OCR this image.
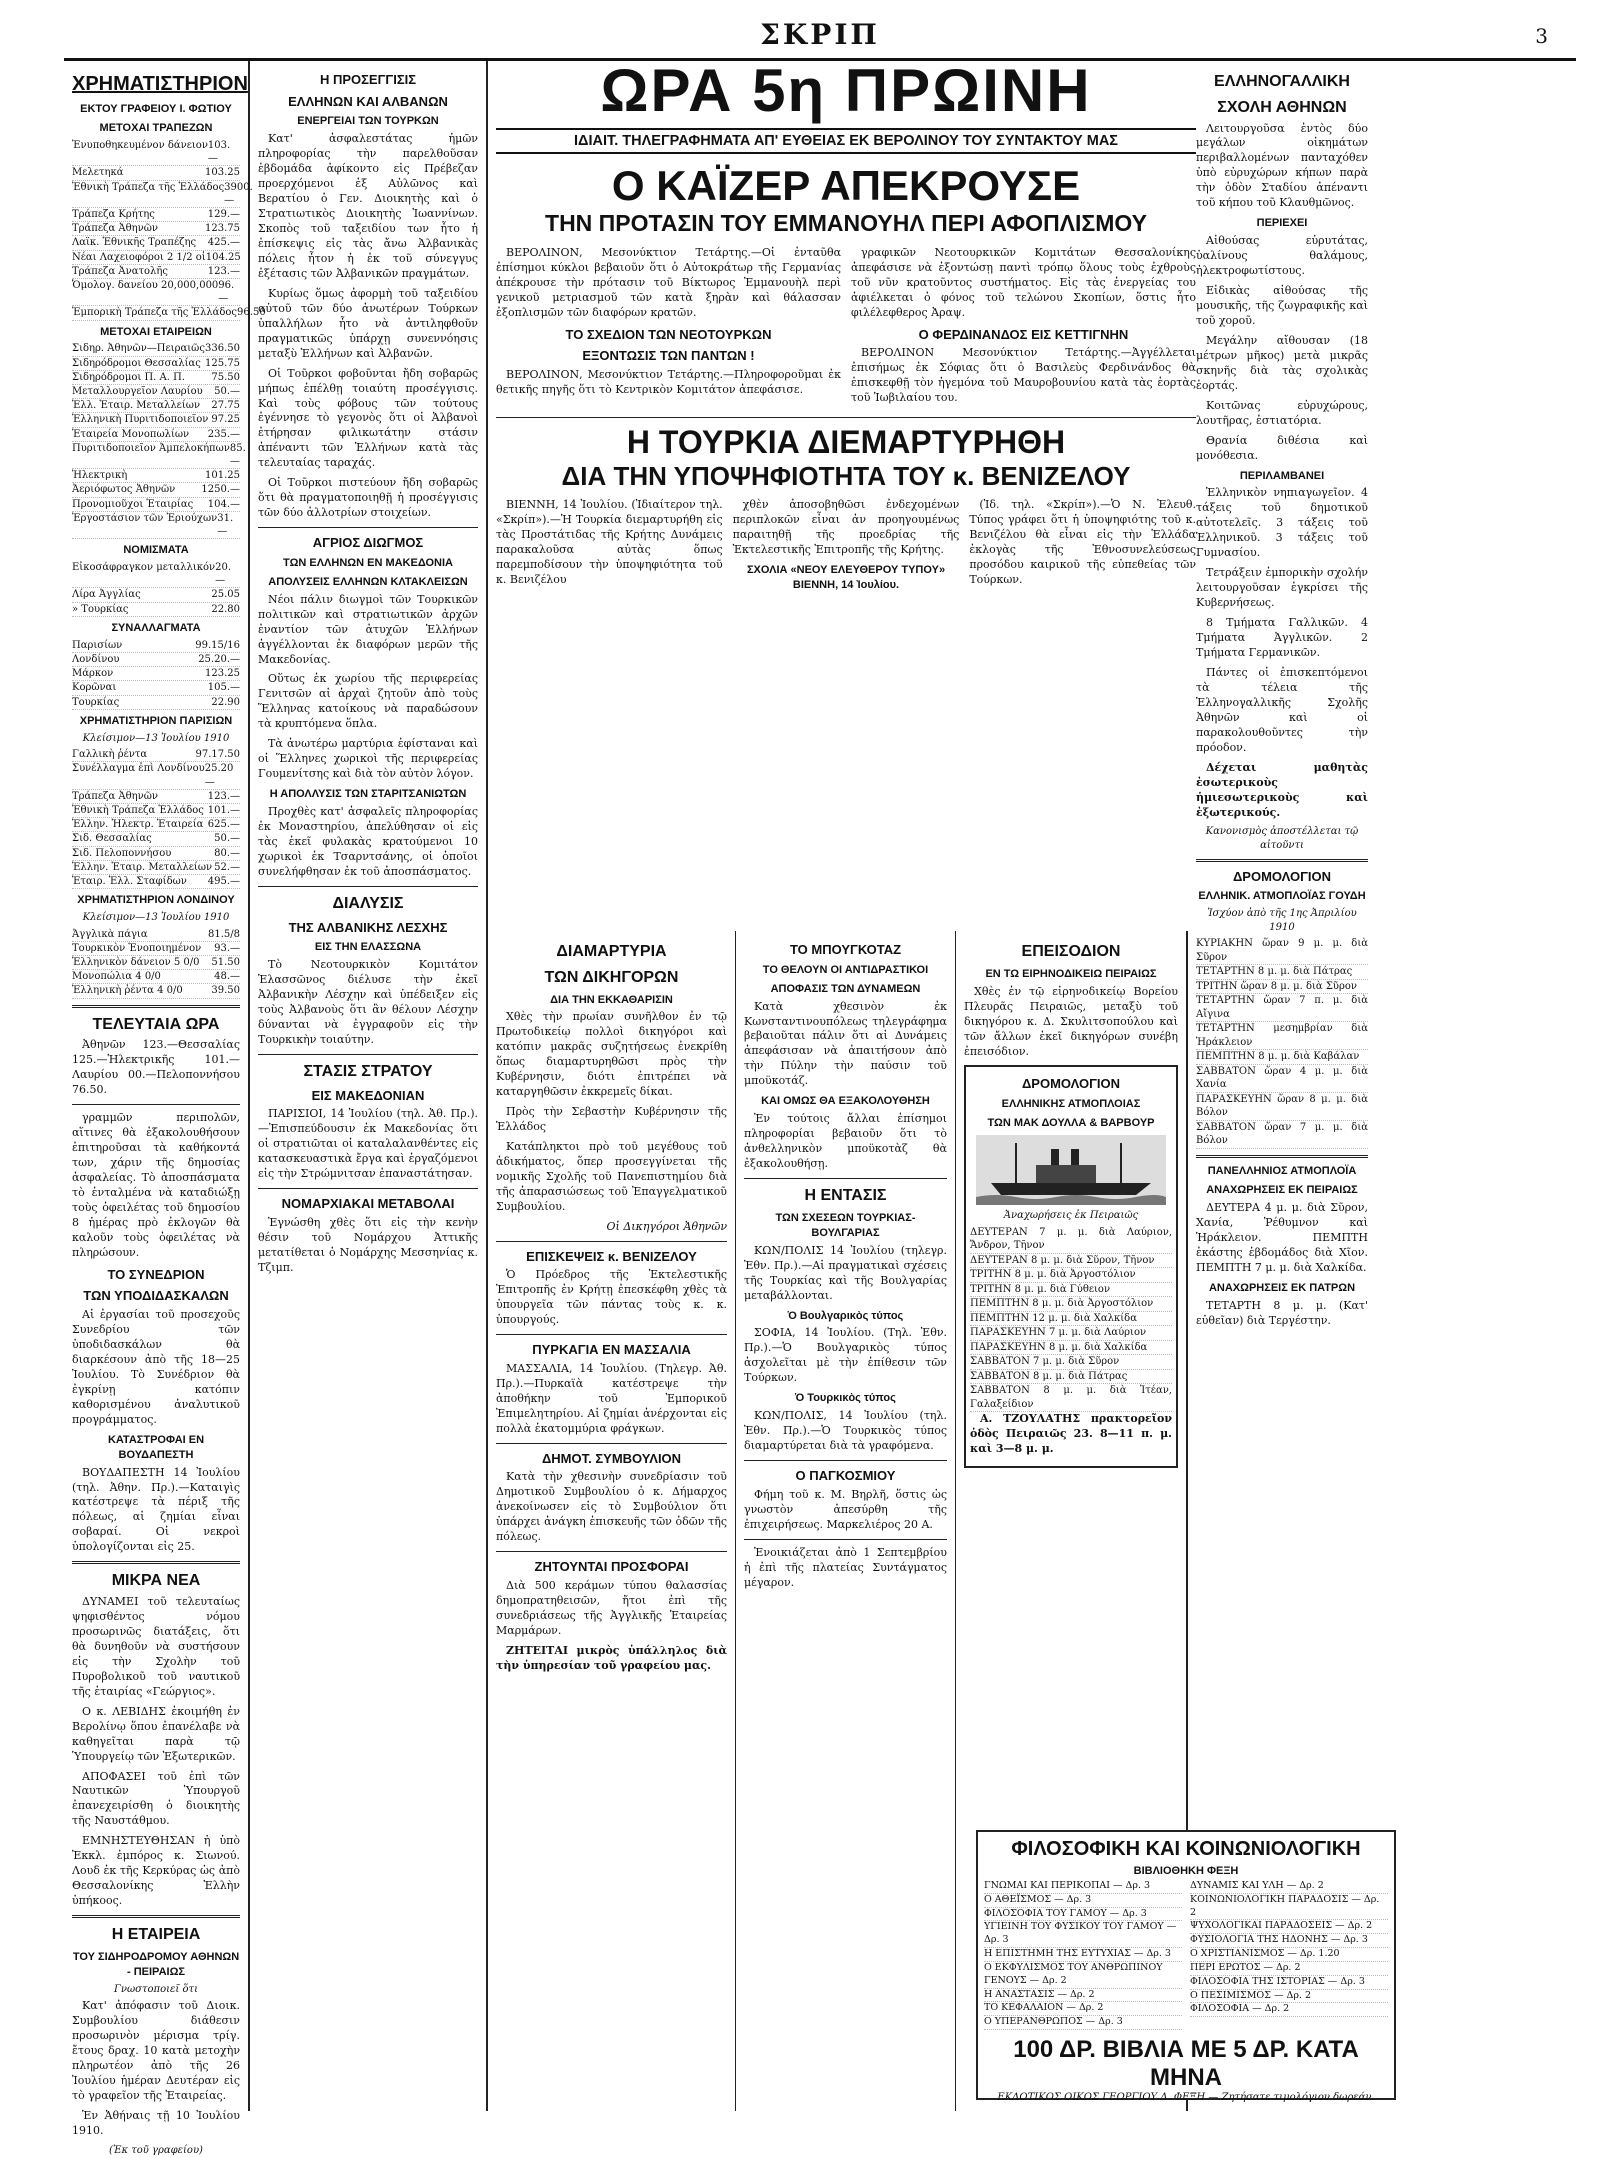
ΣΚΡΙΠ	3
ΩΡΑ 5η ΠΡΩΙΝΗ
ΙΔΙΑΙΤ. ΤΗΛΕΓΡΑΦΗΜΑΤΑ ΑΠ' ΕΥΘΕΙΑΣ ΕΚ ΒΕΡΟΛΙΝΟΥ ΤΟΥ ΣΥΝΤΑΚΤΟΥ ΜΑΣ
Ο ΚΑΪΖΕΡ ΑΠΕΚΡΟΥΣΕ
ΤΗΝ ΠΡΟΤΑΣΙΝ ΤΟΥ ΕΜΜΑΝΟΥΗΛ ΠΕΡΙ ΑΦΟΠΛΙΣΜΟΥ

ΒΕΡΟΛΙΝΟΝ, Μεσονύκτιον Τετάρτης.—Οἱ ἐνταῦθα ἐπίσημοι κύκλοι βεβαιοῦν ὅτι ὁ Αὐτοκράτωρ τῆς Γερμανίας ἀπέκρουσε τὴν πρότασιν τοῦ Βίκτωρος Ἐμμανουὴλ περὶ γενικοῦ μετριασμοῦ τῶν κατὰ ξηρὰν καὶ θάλασσαν ἐξοπλισμῶν τῶν διαφόρων κρατῶν.

ΤΟ ΣΧΕΔΙΟΝ ΤΩΝ ΝΕΟΤΟΥΡΚΩΝ
ΕΞΟΝΤΩΣΙΣ ΤΩΝ ΠΑΝΤΩΝ !

ΒΕΡΟΛΙΝΟΝ, Μεσονύκτιον Τετάρτης.—Πληροφοροῦμαι ἐκ θετικῆς πηγῆς ὅτι τὸ Κεντρικὸν Κομιτάτον ἀπεφάσισε.

γραφικῶν Νεοτουρκικῶν Κομιτάτων Θεσσαλονίκης ἀπεφάσισε νὰ ἐξοντώσῃ παντὶ τρόπῳ ὅλους τοὺς ἐχθροὺς τοῦ νῦν κρατοῦντος συστήματος. Εἰς τὰς ἐνεργείας του ἀφιέλκεται ὁ φόνος τοῦ τελώνου Σκοπίων, ὅστις ἦτο φιλέλεφθερος Ἀραψ.

Ο ΦΕΡΔΙΝΑΝΔΟΣ ΕΙΣ ΚΕΤΤΙΓΝΗΝ

ΒΕΡΟΛΙΝΟΝ Μεσονύκτιον Τετάρτης.—Ἀγγέλλεται ἐπισήμως ἐκ Σόφιας ὅτι ὁ Βασιλεὺς Φερδινάνδος θὰ ἐπισκεφθῇ τὸν ἡγεμόνα τοῦ Μαυροβουνίου κατὰ τὰς ἑορτὰς τοῦ Ἰωβιλαίου του.

Η ΤΟΥΡΚΙΑ ΔΙΕΜΑΡΤΥΡΗΘΗ
ΔΙΑ ΤΗΝ ΥΠΟΨΗΦΙΟΤΗΤΑ ΤΟΥ κ. ΒΕΝΙΖΕΛΟΥ

ΒΙΕΝΝΗ, 14 Ἰουλίου. (Ἰδιαίτερον τηλ. «Σκρίπ»).—Ἡ Τουρκία διεμαρτυρήθη εἰς τὰς Προστάτιδας τῆς Κρήτης Δυνάμεις παρακαλοῦσα αὐτὰς ὅπως παρεμποδίσουν τὴν ὑποψηφιότητα τοῦ κ. Βενιζέλου

χθὲν ἀποσοβηθῶσι ἐνδεχομένων περιπλοκῶν εἶναι ἀν προηγουμένως παραιτηθῇ τῆς προεδρίας τῆς Ἐκτελεστικῆς Ἐπιτροπῆς τῆς Κρήτης.

ΣΧΟΛΙΑ «ΝΕΟΥ ΕΛΕΥΘΕΡΟΥ ΤΥΠΟΥ» ΒΙΕΝΝΗ, 14 Ἰουλίου.

(Ἰδ. τηλ. «Σκρίπ»).—Ὁ Ν. Ἐλευθ. Τύπος γράφει ὅτι ἡ ὑποψηφιότης τοῦ κ. Βενιζέλου θὰ εἶναι εἰς τὴν Ἑλλάδα ἐκλογὰς τῆς Ἐθνοσυνελεύσεως προσόδου καιρικοῦ τῆς εὐπεθείας τῶν Τούρκων.

ΧΡΗΜΑΤΙΣΤΗΡΙΟΝ
ΕΚΤΟΥ ΓΡΑΦΕΙΟΥ Ι. ΦΩΤΙΟΥ
ΜΕΤΟΧΑΙ ΤΡΑΠΕΖΩΝ
Ἐνυποθηκευμένον δάνειον 103.—
Μελετηκά	103.25
Ἐθνικὴ Τράπεζα τῆς Ἑλλάδος 3900.—
Τράπεζα Κρήτης	129.—
Τράπεζα Ἀθηνῶν	123.75
Λαϊκ. Ἐθνικῆς Τραπέζης 425.—
Νέαι Λαχειοφόροι 2 1/2 οἱ 104.25
Τράπεζα Ἀνατολῆς	123.—
Ὁμολογ. δανείου 20,000,000 96.—
Ἐμπορικὴ Τράπεζα τῆς Ἑλλάδος 96.50
ΜΕΤΟΧΑΙ ΕΤΑΙΡΕΙΩΝ
Σιδηρ. Ἀθηνῶν—Πειραιῶς 336.50
Σιδηρόδρομοι Θεσσαλίας 125.75
Σιδηρόδρομοι Π. Α. Π.	75.50
Μεταλλουργεῖον Λαυρίου 50.—
Ἑλλ. Ἑταιρ. Μεταλλείων 27.75
Ἑλληνικὴ Πυριτιδοποιεῖον 97.25
Ἑταιρεία Μονοπωλίων 235.—
Πυριτιδοποιεῖον Ἀμπελοκήπων 85.—
Ἡλεκτρικὴ	101.25
Ἀεριόφωτος Ἀθηνῶν	1250.—
Προνομιοῦχοι Ἑταιρίας 104.—
Ἐργοστάσιον τῶν Ἐριούχων 31.—
ΝΟΜΙΣΜΑΤΑ
Εἰκοσάφραγκον μεταλλικόν 20.—
Λίρα Ἀγγλίας	25.05
» Τουρκίας	22.80
ΣΥΝΑΛΛΑΓΜΑΤΑ
Παρισίων	99.15/16
Λονδίνου	25.20.—
Μάρκον	123.25
Κορῶναι	105.—
Τουρκίας	22.90
ΧΡΗΜΑΤΙΣΤΗΡΙΟΝ ΠΑΡΙΣΙΩΝ
Κλείσιμον—13 Ἰουλίου 1910
Γαλλικὴ ῥέντα	97.17.50
Συνέλλαγμα ἐπὶ Λονδίνου 25.20—
Τράπεζα Ἀθηνῶν	123.—
Ἐθνικὴ Τράπεζα Ἑλλάδος 101.—
Ἑλλην. Ἠλεκτρ. Ἑταιρεία 625.—
Σιδ. Θεσσαλίας	50.—
Σιδ. Πελοποννήσου	80.—
Ἑλλην. Ἑταιρ. Μεταλλείων 52.—
Ἑταιρ. Ἑλλ. Σταφίδων 495.—
ΧΡΗΜΑΤΙΣΤΗΡΙΟΝ ΛΟΝΔΙΝΟΥ
Κλείσιμον—13 Ἰουλίου 1910
Ἀγγλικὰ πάγια	81.5/8
Τουρκικὸν Ἑνοποιημένον 93.—
Ἑλληνικὸν δάνειον 5 0/0 51.50
Μονοπώλια 4 0/0	48.—
Ἑλληνικὴ ῥέντα 4 0/0	39.50
ΤΕΛΕΥΤΑΙΑ ΩΡΑ

Ἀθηνῶν 123.—Θεσσαλίας 125.—Ἡλεκτρικῆς 101.—Λαυρίου 00.—Πελοποννήσου 76.50.

γραμμῶν περιπολῶν, αἵτινες θὰ ἐξακολουθήσουν ἐπιτηροῦσαι τὰ καθήκοντά των, χάριν τῆς δημοσίας ἀσφαλείας. Τὸ ἀποσπάσματα τὸ ἐνταλμένα νὰ καταδιώξῃ τοὺς ὀφειλέτας τοῦ δημοσίου 8 ἡμέρας πρὸ ἐκλογῶν θὰ καλοῦν τοὺς ὀφειλέτας νὰ πληρώσουν.

ΤΟ ΣΥΝΕΔΡΙΟΝ
ΤΩΝ ΥΠΟΔΙΔΑΣΚΑΛΩΝ

Αἱ ἐργασίαι τοῦ προσεχοῦς Συνεδρίου τῶν ὑποδιδασκάλων θὰ διαρκέσουν ἀπὸ τῆς 18—25 Ἰουλίου. Τὸ Συνέδριον θὰ ἐγκρίνῃ κατόπιν καθορισμένου ἀναλυτικοῦ προγράμματος.

ΚΑΤΑΣΤΡΟΦΑΙ ΕΝ ΒΟΥΔΑΠΕΣΤΗ

ΒΟΥΔΑΠΕΣΤΗ 14 Ἰουλίου (τηλ. Ἀθην. Πρ.).—Καταιγὶς κατέστρεψε τὰ πέριξ τῆς πόλεως, αἱ ζημίαι εἶναι σοβαραί. Οἱ νεκροὶ ὑπολογίζονται εἰς 25.

ΜΙΚΡΑ ΝΕΑ

ΔΥΝΑΜΕΙ τοῦ τελευταίως ψηφισθέντος νόμου προσωρινῶς διατάξεις, ὅτι θὰ δυνηθοῦν νὰ συστήσουν εἰς τὴν Σχολὴν τοῦ Πυροβολικοῦ τοῦ ναυτικοῦ τῆς ἑταιρίας «Γεώργιος».

Ο κ. ΛΕΒΙΔΗΣ ἐκοιμήθη ἐν Βερολίνῳ ὅπου ἐπανέλαβε νὰ καθηγεῖται παρὰ τῷ Ὑπουργείῳ τῶν Ἐξωτερικῶν.

ΑΠΟΦΑΣΕΙ τοῦ ἐπὶ τῶν Ναυτικῶν Ὑπουργοῦ ἐπανεχειρίσθη ὁ διοικητὴς τῆς Ναυστάθμου.

ΕΜΝΗΣΤΕΥΘΗΣΑΝ ἡ ὑπὸ Ἐκκλ. ἐμπόρος κ. Σιωνού. Λουδ ἐκ τῆς Κερκύρας ὡς ἀπὸ Θεσσαλονίκης Ἑλλὴν ὑπήκοος.

Η ΕΤΑΙΡΕΙΑ
ΤΟΥ ΣΙΔΗΡΟΔΡΟΜΟΥ ΑΘΗΝΩΝ - ΠΕΙΡΑΙΩΣ
Γνωστοποιεῖ ὅτι

Κατ' ἀπόφασιν τοῦ Διοικ. Συμβουλίου διάθεσιν προσωρινὸν μέρισμα τρίγ. ἔτους δραχ. 10 κατὰ μετοχὴν πληρωτέον ἀπὸ τῆς 26 Ἰουλίου ἡμέραν Δευτέραν εἰς τὸ γραφεῖον τῆς Ἑταιρείας.

Ἐν Ἀθήναις τῇ 10 Ἰουλίου 1910.

(Ἐκ τοῦ γραφείου)
Η ΠΡΟΣΕΓΓΙΣΙΣ
ΕΛΛΗΝΩΝ ΚΑΙ ΑΛΒΑΝΩΝ
ΕΝΕΡΓΕΙΑΙ ΤΩΝ ΤΟΥΡΚΩΝ

Κατ' ἀσφαλεστάτας ἡμῶν πληροφορίας τὴν παρελθοῦσαν ἑβδομάδα ἀφίκοντο εἰς Πρέβεζαν προερχόμενοι ἐξ Αὐλῶνος καὶ Βερατίου ὁ Γεν. Διοικητὴς καὶ ὁ Στρατιωτικὸς Διοικητὴς Ἰωαννίνων. Σκοπὸς τοῦ ταξειδίου των ἦτο ἡ ἐπίσκεψις εἰς τὰς ἄνω Ἀλβανικὰς πόλεις ἦτον ἡ ἐκ τοῦ σύνεγγυς ἐξέτασις τῶν Ἀλβανικῶν πραγμάτων.

Κυρίως ὅμως ἀφορμὴ τοῦ ταξειδίου αὐτοῦ τῶν δύο ἀνωτέρων Τούρκων ὑπαλλήλων ἦτο νὰ ἀντιληφθοῦν πραγματικῶς ὑπάρχῃ συνεννόησις μεταξὺ Ἑλλήνων καὶ Ἀλβανῶν.

Οἱ Τοῦρκοι φοβοῦνται ἤδη σοβαρῶς μήπως ἐπέλθῃ τοιαύτη προσέγγισις. Καὶ τοὺς φόβους τῶν τούτους ἐγέννησε τὸ γεγονὸς ὅτι οἱ Ἀλβανοὶ ἐτήρησαν φιλικωτάτην στάσιν ἀπέναντι τῶν Ἑλλήνων κατὰ τὰς τελευταίας ταραχάς.

Οἱ Τοῦρκοι πιστεύουν ἤδη σοβαρῶς ὅτι θὰ πραγματοποιηθῇ ἡ προσέγγισις τῶν δύο ἀλλοτρίων στοιχείων.

ΑΓΡΙΟΣ ΔΙΩΓΜΟΣ
ΤΩΝ ΕΛΛΗΝΩΝ ΕΝ ΜΑΚΕΔΟΝΙΑ
ΑΠΟΛΥΣΕΙΣ ΕΛΛΗΝΩΝ ΚΛΤΑΚΛΕΙΣΩΝ

Νέοι πάλιν διωγμοὶ τῶν Τουρκικῶν πολιτικῶν καὶ στρατιωτικῶν ἀρχῶν ἐναντίον τῶν ἀτυχῶν Ἑλλήνων ἀγγέλλονται ἐκ διαφόρων μερῶν τῆς Μακεδονίας.

Οὕτως ἐκ χωρίου τῆς περιφερείας Γενιτσῶν αἱ ἀρχαὶ ζητοῦν ἀπὸ τοὺς Ἕλληνας κατοίκους νὰ παραδώσουν τὰ κρυπτόμενα ὅπλα.

Τὰ ἀνωτέρω μαρτύρια ἐφίσταναι καὶ οἱ Ἕλληνες χωρικοὶ τῆς περιφερείας Γουμενίτσης καὶ διὰ τὸν αὐτὸν λόγον.

Η ΑΠΟΛΛΥΣΙΣ ΤΩΝ ΣΤΑΡΙΤΣΑΝΙΩΤΩΝ

Προχθὲς κατ' ἀσφαλεῖς πληροφορίας ἐκ Μοναστηρίου, ἀπελύθησαν οἱ εἰς τὰς ἐκεῖ φυλακὰς κρατούμενοι 10 χωρικοὶ ἐκ Τσαρντσάνης, οἱ ὁποῖοι συνελήφθησαν ἐκ τοῦ ἀποσπάσματος.

ΔΙΑΛΥΣΙΣ
ΤΗΣ ΑΛΒΑΝΙΚΗΣ ΛΕΣΧΗΣ
ΕΙΣ ΤΗΝ ΕΛΑΣΣΩΝΑ

Τὸ Νεοτουρκικὸν Κομιτάτον Ἐλασσῶνος διέλυσε τὴν ἐκεῖ Ἀλβανικὴν Λέσχην καὶ ὑπέδειξεν εἰς τοὺς Ἀλβανοὺς ὅτι ἂν θέλουν Λέσχην δύνανται νὰ ἐγγραφοῦν εἰς τὴν Τουρκικὴν τοιαύτην.

ΣΤΑΣΙΣ ΣΤΡΑΤΟΥ
ΕΙΣ ΜΑΚΕΔΟΝΙΑΝ

ΠΑΡΙΣΙΟΙ, 14 Ἰουλίου (τηλ. Ἀθ. Πρ.).—Ἐπισπεύδουσιν ἐκ Μακεδονίας ὅτι οἱ στρατιῶται οἱ καταλαλανθέντες εἰς κατασκευαστικὰ ἔργα καὶ ἐργαζόμενοι εἰς τὴν Στρώμνιτσαν ἐπαναστάτησαν.

ΝΟΜΑΡΧΙΑΚΑΙ ΜΕΤΑΒΟΛΑΙ

Ἐγνώσθη χθὲς ὅτι εἰς τὴν κενὴν θέσιν τοῦ Νομάρχου Ἀττικῆς μετατίθεται ὁ Νομάρχης Μεσσηνίας κ. Τζιμπ.

ΔΙΑΜΑΡΤΥΡΙΑ
ΤΩΝ ΔΙΚΗΓΟΡΩΝ
ΔΙΑ ΤΗΝ ΕΚΚΑΘΑΡΙΣΙΝ

Χθὲς τὴν πρωίαν συνῆλθον ἐν τῷ Πρωτοδικείῳ πολλοὶ δικηγόροι καὶ κατόπιν μακρᾶς συζητήσεως ἐνεκρίθη ὅπως διαμαρτυρηθῶσι πρὸς τὴν Κυβέρνησιν, διότι ἐπιτρέπει νὰ καταργηθῶσιν ἐκκρεμεῖς δίκαι.

Πρὸς τὴν Σεβαστὴν Κυβέρνησιν τῆς Ἑλλάδος

Κατάπληκτοι πρὸ τοῦ μεγέθους τοῦ ἀδικήματος, ὅπερ προσεγγίνεται τῆς νομικῆς Σχολῆς τοῦ Πανεπιστημίου διὰ τῆς ἀπαρασιώσεως τοῦ Ἐπαγγελματικοῦ Συμβουλίου.

Οἱ Δικηγόροι Ἀθηνῶν

ΕΠΙΣΚΕΨΕΙΣ κ. ΒΕΝΙΖΕΛΟΥ

Ὁ Πρόεδρος τῆς Ἐκτελεστικῆς Ἐπιτροπῆς ἐν Κρήτῃ ἐπεσκέφθη χθὲς τὰ ὑπουργεῖα τῶν πάντας τοὺς κ. κ. ὑπουργούς.

ΠΥΡΚΑΓΙΑ ΕΝ ΜΑΣΣΑΛΙΑ

ΜΑΣΣΑΛΙΑ, 14 Ἰουλίου. (Τηλεγρ. Ἀθ. Πρ.).—Πυρκαϊὰ κατέστρεψε τὴν ἀποθήκην τοῦ Ἐμπορικοῦ Ἐπιμελητηρίου. Αἱ ζημίαι ἀνέρχονται εἰς πολλὰ ἑκατομμύρια φράγκων.

ΔΗΜΟΤ. ΣΥΜΒΟΥΛΙΟΝ

Κατὰ τὴν χθεσινὴν συνεδρίασιν τοῦ Δημοτικοῦ Συμβουλίου ὁ κ. Δήμαρχος ἀνεκοίνωσεν εἰς τὸ Συμβούλιον ὅτι ὑπάρχει ἀνάγκη ἐπισκευῆς τῶν ὁδῶν τῆς πόλεως.

ΖΗΤΟΥΝΤΑΙ ΠΡΟΣΦΟΡΑΙ

Διὰ 500 κεράμων τύπου θαλασσίας δημοπρατηθεισῶν, ἤτοι ἐπὶ τῆς συνεδριάσεως τῆς Ἀγγλικῆς Ἑταιρείας Μαρμάρων.

ΖΗΤΕΙΤΑΙ μικρὸς ὑπάλληλος διὰ τὴν ὑπηρεσίαν τοῦ γραφείου μας.

ΤΟ ΜΠΟΥΓΚΟΤΑΖ
ΤΟ ΘΕΛΟΥΝ ΟΙ ΑΝΤΙΔΡΑΣΤΙΚΟΙ
ΑΠΟΦΑΣΙΣ ΤΩΝ ΔΥΝΑΜΕΩΝ

Κατὰ χθεσινὸν ἐκ Κωνσταντινουπόλεως τηλεγράφημα βεβαιοῦται πάλιν ὅτι αἱ Δυνάμεις ἀπεφάσισαν νὰ ἀπαιτήσουν ἀπὸ τὴν Πύλην τὴν παύσιν τοῦ μποϋκοτάζ.

ΚΑΙ ΟΜΩΣ ΘΑ ΕΞΑΚΟΛΟΥΘΗΣΗ

Ἐν τούτοις ἄλλαι ἐπίσημοι πληροφορίαι βεβαιοῦν ὅτι τὸ ἀνθελληνικὸν μποϋκοτὰζ θὰ ἐξακολουθήσῃ.

Η ΕΝΤΑΣΙΣ
ΤΩΝ ΣΧΕΣΕΩΝ ΤΟΥΡΚΙΑΣ-ΒΟΥΛΓΑΡΙΑΣ

ΚΩΝ/ΠΟΛΙΣ 14 Ἰουλίου (τηλεγρ. Ἐθν. Πρ.).—Αἱ πραγματικαὶ σχέσεις τῆς Τουρκίας καὶ τῆς Βουλγαρίας μεταβάλλονται.

Ὁ Βουλγαρικὸς τύπος

ΣΟΦΙΑ, 14 Ἰουλίου. (Τηλ. Ἐθν. Πρ.).—Ὁ Βουλγαρικὸς τύπος ἀσχολεῖται μὲ τὴν ἐπίθεσιν τῶν Τούρκων.

Ὁ Τουρκικὸς τύπος

ΚΩΝ/ΠΟΛΙΣ, 14 Ἰουλίου (τηλ. Ἐθν. Πρ.).—Ὁ Τουρκικὸς τύπος διαμαρτύρεται διὰ τὰ γραφόμενα.

Ο ΠΑΓΚΟΣΜΙΟΥ

Φήμη τοῦ κ. Μ. Βηρλῆ, ὅστις ὡς γνωστὸν ἀπεσύρθη τῆς ἐπιχειρήσεως. Μαρκελιέρος 20 Α.

Ἐνοικιάζεται ἀπὸ 1 Σεπτεμβρίου ἡ ἐπὶ τῆς πλατείας Συντάγματος μέγαρον.

ΕΠΕΙΣΟΔΙΟΝ
ΕΝ ΤΩ ΕΙΡΗΝΟΔΙΚΕΙΩ ΠΕΙΡΑΙΩΣ

Χθὲς ἐν τῷ εἰρηνοδικείῳ Βορείου Πλευρᾶς Πειραιῶς, μεταξὺ τοῦ δικηγόρου κ. Δ. Σκυλιτσοπούλου καὶ τῶν ἄλλων ἐκεῖ δικηγόρων συνέβη ἐπεισόδιον.

ΔΡΟΜΟΛΟΓΙΟΝ
ΕΛΛΗΝΙΚΗΣ ΑΤΜΟΠΛΟΙΑΣ
ΤΩΝ ΜΑΚ ΔΟΥΛΛΑ & ΒΑΡΒΟΥΡ
Ἀναχωρήσεις ἐκ Πειραιῶς
ΔΕΥΤΕΡΑΝ 7 μ. μ. διὰ Λαύριον, Ἄνδρον, Τῆνον
ΔΕΥΤΕΡΑΝ 8 μ. μ. διὰ Σῦρον, Τῆνον
ΤΡΙΤΗΝ 8 μ. μ. διὰ Ἀργοστόλιον
ΤΡΙΤΗΝ 8 μ. μ. διὰ Γύθειον
ΠΕΜΠΤΗΝ 8 μ. μ. διὰ Ἀργοστόλιον
ΠΕΜΠΤΗΝ 12 μ. μ. διὰ Χαλκίδα
ΠΑΡΑΣΚΕΥΗΝ 7 μ. μ. διὰ Λαύριον
ΠΑΡΑΣΚΕΥΗΝ 8 μ. μ. διὰ Χαλκίδα
ΣΑΒΒΑΤΟΝ 7 μ. μ. διὰ Σῦρον
ΣΑΒΒΑΤΟΝ 8 μ. μ. διὰ Πάτρας
ΣΑΒΒΑΤΟΝ 8 μ. μ. διὰ Ἰτέαν, Γαλαξείδιον

Α. ΤΖΟΥΛΑΤΗΣ πρακτορεῖον ὁδὸς Πειραιῶς 23. 8—11 π. μ. καὶ 3—8 μ. μ.

ΕΛΛΗΝΟΓΑΛΛΙΚΗ
ΣΧΟΛΗ ΑΘΗΝΩΝ

Λειτουργοῦσα ἐντὸς δύο μεγάλων οἰκημάτων περιβαλλομένων πανταχόθεν ὑπὸ εὐρυχώρων κήπων παρὰ τὴν ὁδὸν Σταδίου ἀπέναντι τοῦ κήπου τοῦ Κλαυθμῶνος.

ΠΕΡΙΕΧΕΙ

Αἰθούσας εὐρυτάτας, ὑαλίνους θαλάμους, ἠλεκτροφωτίστους.

Εἰδικὰς αἰθούσας τῆς μουσικῆς, τῆς ζωγραφικῆς καὶ τοῦ χοροῦ.

Μεγάλην αἴθουσαν (18 μέτρων μῆκος) μετὰ μικρᾶς σκηνῆς διὰ τὰς σχολικὰς ἑορτάς.

Κοιτῶνας εὐρυχώρους, λουτῆρας, ἑστιατόρια.

Θρανία διθέσια καὶ μονόθεσια.

ΠΕΡΙΛΑΜΒΑΝΕΙ

Ἑλληνικὸν νηπιαγωγεῖον. 4 τάξεις τοῦ δημοτικοῦ αὐτοτελεῖς. 3 τάξεις τοῦ Ἑλληνικοῦ. 3 τάξεις τοῦ Γυμνασίου.

Τετράξειν ἐμπορικὴν σχολήν λειτουργοῦσαν ἐγκρίσει τῆς Κυβερνήσεως.

8 Τμήματα Γαλλικῶν. 4 Τμήματα Ἀγγλικῶν. 2 Τμήματα Γερμανικῶν.

Πάντες οἱ ἐπισκεπτόμενοι τὰ τέλεια τῆς Ἑλληνογαλλικῆς Σχολῆς Ἀθηνῶν καὶ οἱ παρακολουθοῦντες τὴν πρόοδον.

Δέχεται μαθητὰς ἐσωτερικοὺς ἡμιεσωτερικοὺς καὶ ἐξωτερικούς.

Κανονισμὸς ἀποστέλλεται τῷ αἰτοῦντι
ΔΡΟΜΟΛΟΓΙΟΝ
ΕΛΛΗΝΙΚ. ΑΤΜΟΠΛΟΪΑΣ ΓΟΥΔΗ
Ἰσχύον ἀπὸ τῆς 1ης Ἀπριλίου 1910
ΚΥΡΙΑΚΗΝ ὥραν 9 μ. μ. διὰ Σῦρον
ΤΕΤΑΡΤΗΝ 8 μ. μ. διὰ Πάτρας
ΤΡΙΤΗΝ ὥραν 8 μ. μ. διὰ Σῦρον
ΤΕΤΑΡΤΗΝ ὥραν 7 π. μ. διὰ Αἴγινα
ΤΕΤΑΡΤΗΝ μεσημβρίαν διὰ Ἡράκλειον
ΠΕΜΠΤΗΝ 8 μ. μ. διὰ Καβάλαν
ΣΑΒΒΑΤΟΝ ὥραν 4 μ. μ. διὰ Χανία
ΠΑΡΑΣΚΕΥΗΝ ὥραν 8 μ. μ. διὰ Βόλον
ΣΑΒΒΑΤΟΝ ὥραν 7 μ. μ. διὰ Βόλον
ΠΑΝΕΛΛΗΝΙΟΣ ΑΤΜΟΠΛΟΪΑ
ΑΝΑΧΩΡΗΣΕΙΣ ΕΚ ΠΕΙΡΑΙΩΣ

ΔΕΥΤΕΡΑ 4 μ. μ. διὰ Σῦρον, Χανία, Ῥέθυμνον καὶ Ἡράκλειον. ΠΕΜΠΤΗ ἑκάστης ἑβδομάδος διὰ Χῖον. ΠΕΜΠΤΗ 7 μ. μ. διὰ Χαλκίδα.

ΑΝΑΧΩΡΗΣΕΙΣ ΕΚ ΠΑΤΡΩΝ

ΤΕΤΑΡΤΗ 8 μ. μ. (Κατ' εὐθεῖαν) διὰ Τεργέστην.

ΦΙΛΟΣΟΦΙΚΗ ΚΑΙ ΚΟΙΝΩΝΙΟΛΟΓΙΚΗ
ΒΙΒΛΙΟΘΗΚΗ ΦΕΞΗ
ΓΝΩΜΑΙ ΚΑΙ ΠΕΡΙΚΟΠΑΙ — Δρ. 3
Ο ΑΘΕΪΣΜΟΣ — Δρ. 3
ΦΙΛΟΣΟΦΙΑ ΤΟΥ ΓΑΜΟΥ — Δρ. 3
ΥΓΙΕΙΝΗ ΤΟΥ ΦΥΣΙΚΟΥ ΤΟΥ ΓΑΜΟΥ — Δρ. 3
Η ΕΠΙΣΤΗΜΗ ΤΗΣ ΕΥΤΥΧΙΑΣ — Δρ. 3
Ο ΕΚΦΥΛΙΣΜΟΣ ΤΟΥ ΑΝΘΡΩΠΙΝΟΥ ΓΕΝΟΥΣ — Δρ. 2
Η ΑΝΑΣΤΑΣΙΣ — Δρ. 2
ΤΟ ΚΕΦΑΛΑΙΟΝ — Δρ. 2
Ο ΥΠΕΡΑΝΘΡΩΠΟΣ — Δρ. 3
ΔΥΝΑΜΙΣ ΚΑΙ ΥΛΗ — Δρ. 2
ΚΟΙΝΩΝΙΟΛΟΓΙΚΗ ΠΑΡΑΔΟΣΙΣ — Δρ. 2
ΨΥΧΟΛΟΓΙΚΑΙ ΠΑΡΑΔΟΣΕΙΣ — Δρ. 2
ΦΥΣΙΟΛΟΓΙΑ ΤΗΣ ΗΔΟΝΗΣ — Δρ. 3
Ο ΧΡΙΣΤΙΑΝΙΣΜΟΣ — Δρ. 1.20
ΠΕΡΙ ΕΡΩΤΟΣ — Δρ. 2
ΦΙΛΟΣΟΦΙΑ ΤΗΣ ΙΣΤΟΡΙΑΣ — Δρ. 3
Ο ΠΕΣΙΜΙΣΜΟΣ — Δρ. 2
ΦΙΛΟΣΟΦΙΑ — Δρ. 2
100 ΔΡ. ΒΙΒΛΙΑ ΜΕ 5 ΔΡ. ΚΑΤΑ ΜΗΝΑ
ΕΚΔΟΤΙΚΟΣ ΟΙΚΟΣ ΓΕΩΡΓΙΟΥ Δ. ΦΕΞΗ — Ζητήσατε τιμολόγιον δωρεάν.
